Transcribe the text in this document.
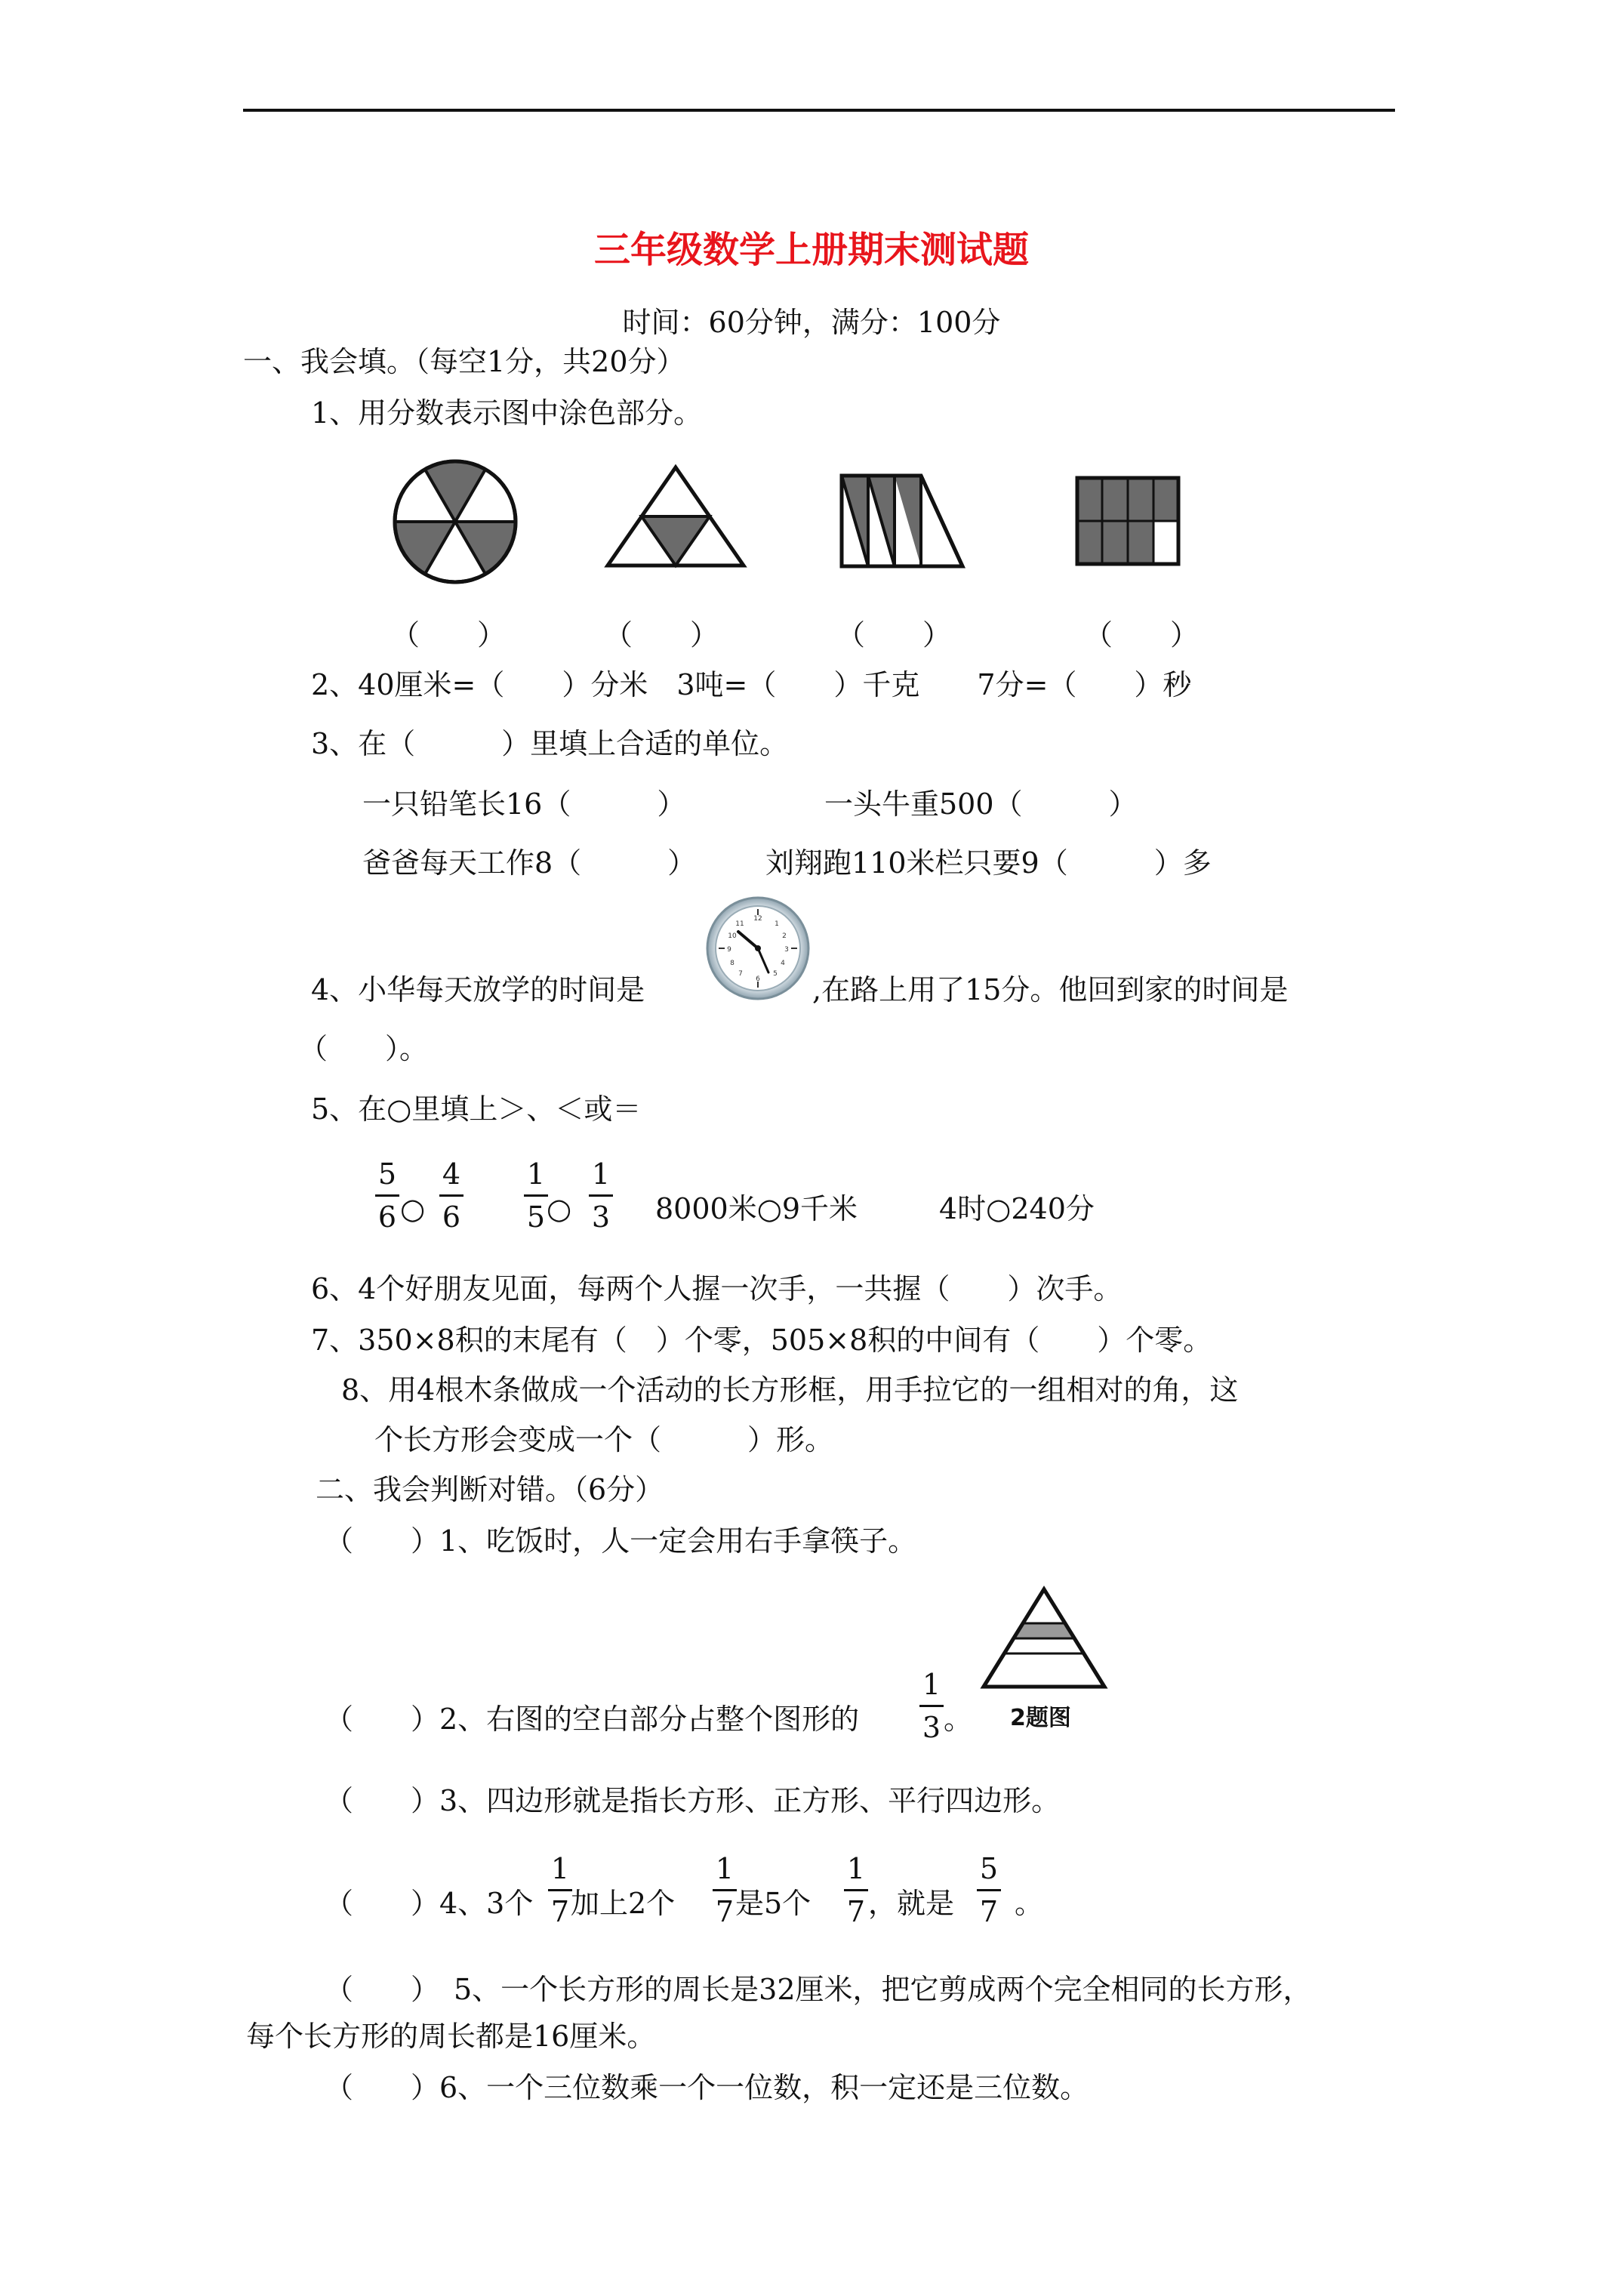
三年级数学上册期末测试题
时间：60分钟，满分：100分
一、我会填。（每空1分，共20分）
1、用分数表示图中涂色部分。
（　　）	（　　）	（　　）	（　　）
2、40厘米=（　　）分米　3吨=（　　）千克　　7分=（　　）秒
3、在（　　　）里填上合适的单位。
一只铅笔长16（　　　）	一头牛重500（　　　）
爸爸每天工作8（　　　） 刘翔跑110米栏只要9（　　　）多
4、小华每天放学的时间是
12
1
2
3
4
5
6
7
8
9
10
11
,在路上用了15分。他回到家的时间是
（　　）。
5、在○里填上＞、＜或＝
5
6 ○
4
6
1
5 ○
1
3 8000米○9千米	4时○240分
6、4个好朋友见面，每两个人握一次手，一共握（　　）次手。
7、350×8积的末尾有（　）个零，505×8积的中间有（　　）个零。
8、用4根木条做成一个活动的长方形框，用手拉它的一组相对的角，这
个长方形会变成一个（　　　）形。
二、我会判断对错。（6分）
（　　）1、吃饭时，人一定会用右手拿筷子。
2题图
（　　）2、右图的空白部分占整个图形的
1
3 。
（　　）3、四边形就是指长方形、正方形、平行四边形。
（　　）4、3个
1
7 加上2个
1
7 是5个
1
7 ，就是
5
7 。
（　　）　5、一个长方形的周长是32厘米，把它剪成两个完全相同的长方形，
每个长方形的周长都是16厘米。
（　　）6、一个三位数乘一个一位数，积一定还是三位数。
